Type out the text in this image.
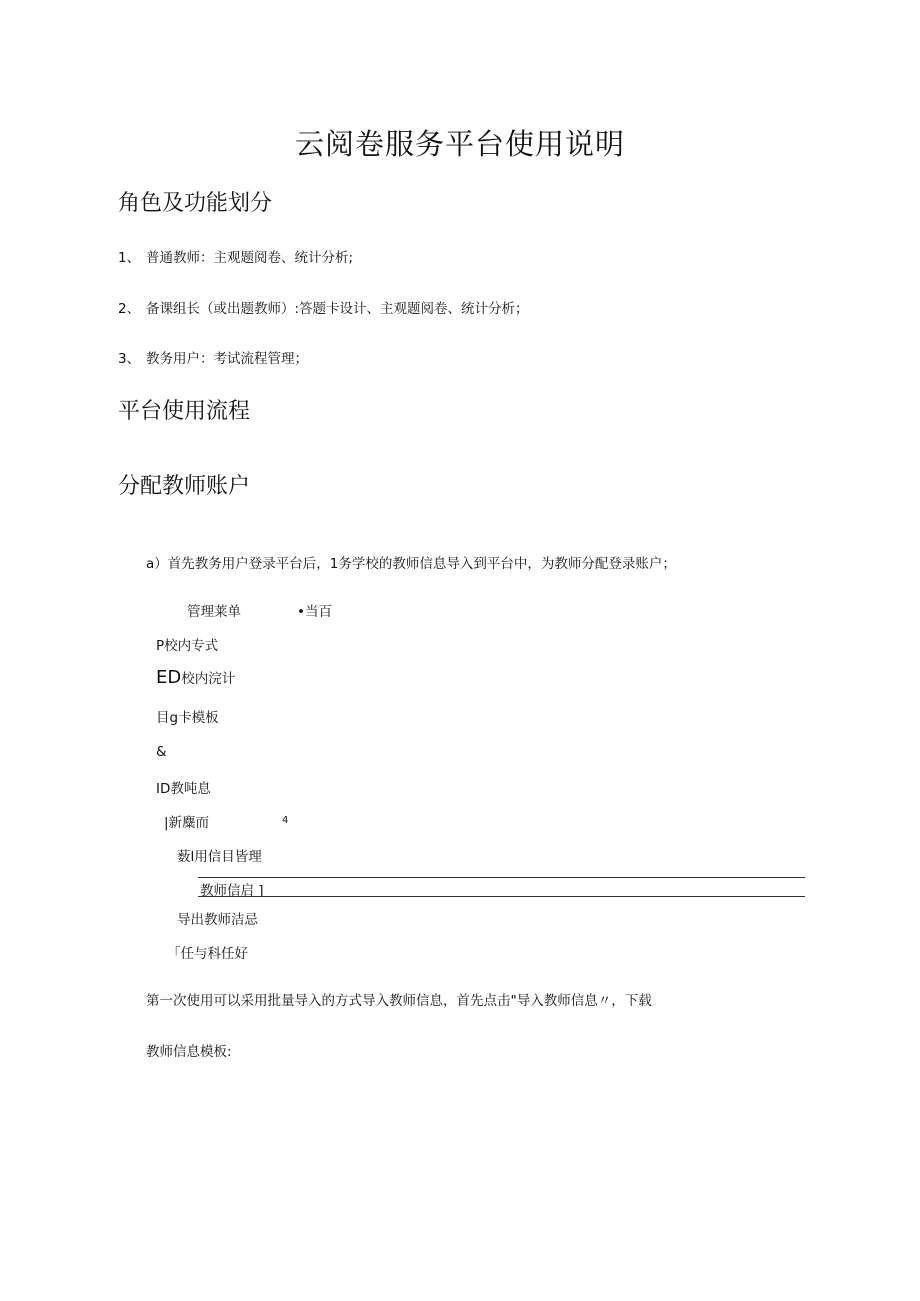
云阅卷服务平台使用说明
角色及功能划分
1、 普通教师：主观题阅卷、统计分析;
2、 备课组长（或出题教师）:答题卡设计、主观题阅卷、统计分析；
3、 教务用户：考试流程管理；
平台使用流程
分配教师账户
a）首先教务用户登录平台后，1务学校的教师信息导入到平台中，为教师分配登录账户；
管理莱单	•当百
P校内专式
ED校内浣计
目g卡模板
&
ID教吨息
|新麋而	4
薮l用信目皆理
教师信启 ]
导出教师洁忌
「任与科任好
第一次使用可以采用批量导入的方式导入教师信息，首先点击"导入教师信息〃，下载
教师信息模板:
